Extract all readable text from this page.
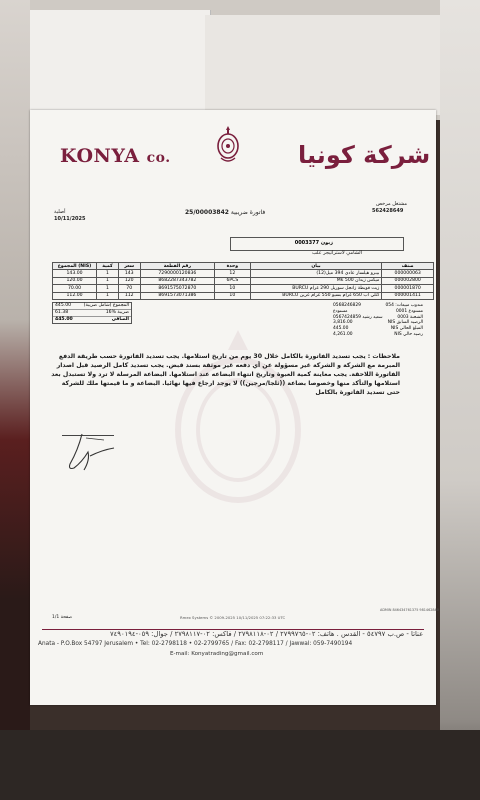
KONYA co.	شركة كونيا
مشتغل مرخص
562428649
25/00003842 فاتورة ضريبية
أصلية
10/11/2025
0003377 زبون
الشامي لاستراتيجر علب
المجموع (NIS)	كمية	سعر	رقم القطعة	وحدة	بيان	صنف
143.00	1	143	7290000120836	12	بيبرو هيلسار عادي 394 ميل(12)	000000063
120.00	1	120	8682287343782	6PCS	ميكس زيدان 500 Mk	000002800
70.00	1	70	8691575072870	10	زيت قوبطة زانجل سوريل 290 غرام BURCU	000001870
112.00	1	112	8691573071386	10	كتلي اب 650 غرام بسيو 550 غرام عرين BURCU	000001411
445.00	المجموع (شامل ضريبة)
61.38	ضريبة %16
445.00	الصافي
0568246829	مندوب مبيعات: 054
مستودع	مستودع 0001
0567424859 سعيد رشيد	الشحنة 0003
3,816.00	الرصيد السابق NIS
445.00	المبلغ الحالي NIS
4,261.00	رصيد حالي NIS
ملاحظات : يجب تسديد الفاتورة بالكامل خلال 30 يوم من تاريخ استلامها. يجب تسديد الفاتورة حسب طريقة الدفع المبرمة مع الشركة و الشركة غير مسؤولة عن أي دفعه غير موثقة بسند قبض. يجب تسديد كامل الرصيد قبل اصدار الفاتورة اللاحقة. يجب معاينة كمية العبوة وتاريخ انتهاء البضاعه عند استلامها. البضاعة المرسلة لا ترد ولا تستبدل بعد استلامها والتأكد منها وخصوصا بضاعة ((ثلجا/مرجين)) لا يوجد ارجاع فيها نهائيا. البضاعة و ما قيمتها ملك للشركة حتى تسديد الفاتورة بالكامل
صفحة 1/1	Rmex Systems © 2009-2025 10/11/2025 07:22:33 UTC
ADMIN 846434761375 981462840
عناتا - ص.ب ٥٤٧٩٧ - القدس . هاتف: ٠٢-٢٧٩٩٧٦٥ / ٠٢-٢٧٩٨١١٨ / فاكس: ٠٢-٢٧٩٨١١٧ / جوال: ٠٥٩-٧٤٩٠١٩٤
Anata - P.O.Box 54797 Jerusalem • Tel: 02-2798118 • 02-2799765 / Fax: 02-2798117 / Jawwal: 059-7490194
E-mail: Konyatrading@gmail.com
